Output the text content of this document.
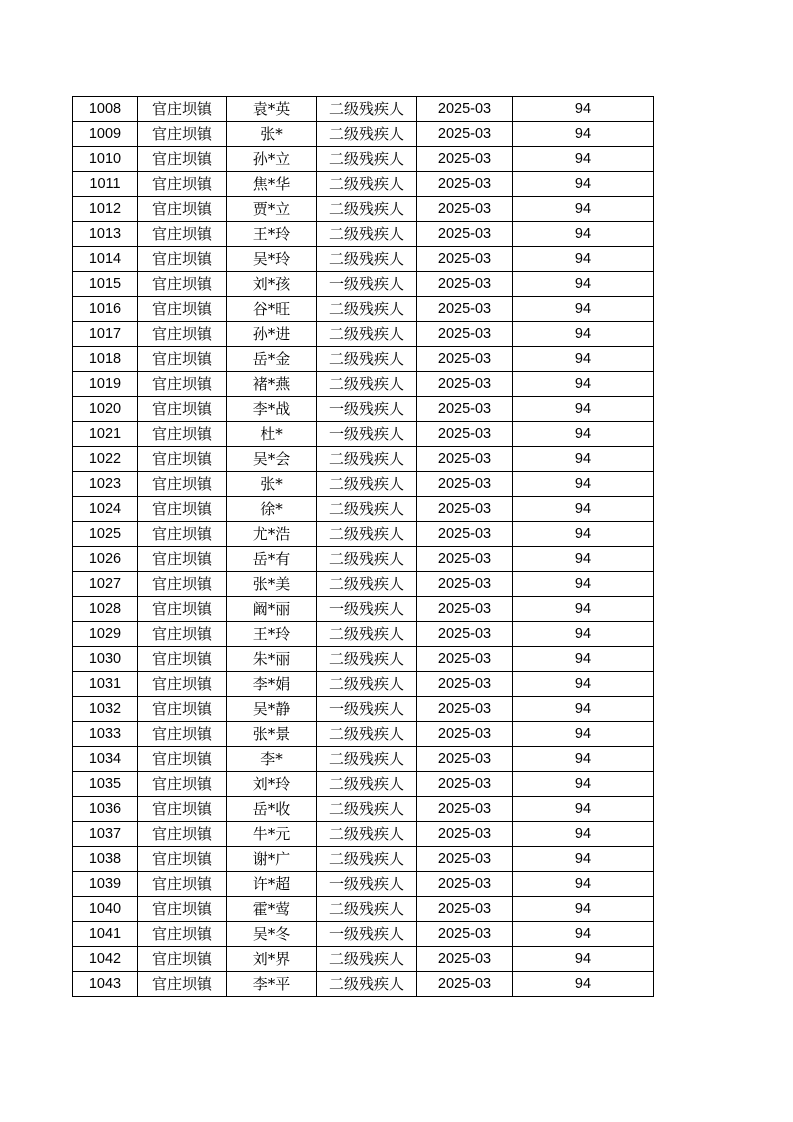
1008	官庄坝镇	袁*英	二级残疾人	2025-03	94
1009	官庄坝镇	张*	二级残疾人	2025-03	94
1010	官庄坝镇	孙*立	二级残疾人	2025-03	94
1011	官庄坝镇	焦*华	二级残疾人	2025-03	94
1012	官庄坝镇	贾*立	二级残疾人	2025-03	94
1013	官庄坝镇	王*玲	二级残疾人	2025-03	94
1014	官庄坝镇	吴*玲	二级残疾人	2025-03	94
1015	官庄坝镇	刘*孩	一级残疾人	2025-03	94
1016	官庄坝镇	谷*旺	二级残疾人	2025-03	94
1017	官庄坝镇	孙*进	二级残疾人	2025-03	94
1018	官庄坝镇	岳*金	二级残疾人	2025-03	94
1019	官庄坝镇	褚*燕	二级残疾人	2025-03	94
1020	官庄坝镇	李*战	一级残疾人	2025-03	94
1021	官庄坝镇	杜*	一级残疾人	2025-03	94
1022	官庄坝镇	吴*会	二级残疾人	2025-03	94
1023	官庄坝镇	张*	二级残疾人	2025-03	94
1024	官庄坝镇	徐*	二级残疾人	2025-03	94
1025	官庄坝镇	尤*浩	二级残疾人	2025-03	94
1026	官庄坝镇	岳*有	二级残疾人	2025-03	94
1027	官庄坝镇	张*美	二级残疾人	2025-03	94
1028	官庄坝镇	阚*丽	一级残疾人	2025-03	94
1029	官庄坝镇	王*玲	二级残疾人	2025-03	94
1030	官庄坝镇	朱*丽	二级残疾人	2025-03	94
1031	官庄坝镇	李*娟	二级残疾人	2025-03	94
1032	官庄坝镇	吴*静	一级残疾人	2025-03	94
1033	官庄坝镇	张*景	二级残疾人	2025-03	94
1034	官庄坝镇	李*	二级残疾人	2025-03	94
1035	官庄坝镇	刘*玲	二级残疾人	2025-03	94
1036	官庄坝镇	岳*收	二级残疾人	2025-03	94
1037	官庄坝镇	牛*元	二级残疾人	2025-03	94
1038	官庄坝镇	谢*广	二级残疾人	2025-03	94
1039	官庄坝镇	许*超	一级残疾人	2025-03	94
1040	官庄坝镇	霍*莺	二级残疾人	2025-03	94
1041	官庄坝镇	吴*冬	一级残疾人	2025-03	94
1042	官庄坝镇	刘*界	二级残疾人	2025-03	94
1043	官庄坝镇	李*平	二级残疾人	2025-03	94
